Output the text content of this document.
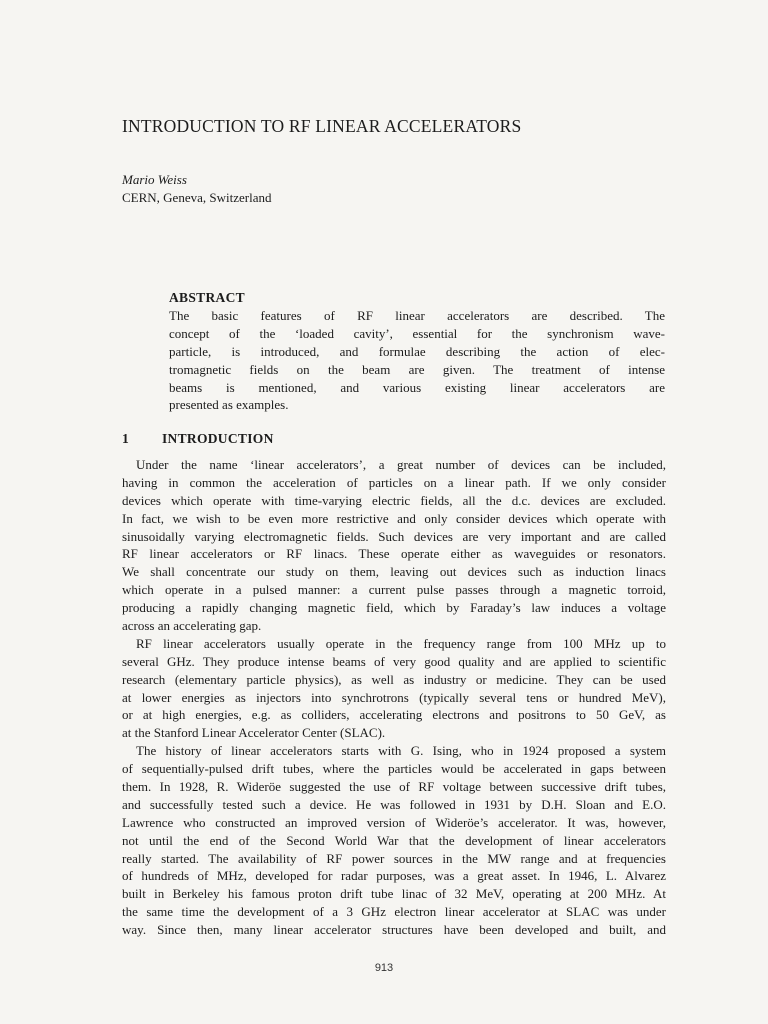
INTRODUCTION TO RF LINEAR ACCELERATORS
Mario Weiss
CERN, Geneva, Switzerland
ABSTRACT
The basic features of RF linear accelerators are described. The
concept of the ‘loaded cavity’, essential for the synchronism wave-
particle, is introduced, and formulae describing the action of elec-
tromagnetic fields on the beam are given. The treatment of intense
beams is mentioned, and various existing linear accelerators are
presented as examples.
1 INTRODUCTION
Under the name ‘linear accelerators’, a great number of devices can be included,
having in common the acceleration of particles on a linear path. If we only consider
devices which operate with time-varying electric fields, all the d.c. devices are excluded.
In fact, we wish to be even more restrictive and only consider devices which operate with
sinusoidally varying electromagnetic fields. Such devices are very important and are called
RF linear accelerators or RF linacs. These operate either as waveguides or resonators.
We shall concentrate our study on them, leaving out devices such as induction linacs
which operate in a pulsed manner: a current pulse passes through a magnetic torroid,
producing a rapidly changing magnetic field, which by Faraday’s law induces a voltage
across an accelerating gap.
RF linear accelerators usually operate in the frequency range from 100 MHz up to
several GHz. They produce intense beams of very good quality and are applied to scientific
research (elementary particle physics), as well as industry or medicine. They can be used
at lower energies as injectors into synchrotrons (typically several tens or hundred MeV),
or at high energies, e.g. as colliders, accelerating electrons and positrons to 50 GeV, as
at the Stanford Linear Accelerator Center (SLAC).
The history of linear accelerators starts with G. Ising, who in 1924 proposed a system
of sequentially-pulsed drift tubes, where the particles would be accelerated in gaps between
them. In 1928, R. Wideröe suggested the use of RF voltage between successive drift tubes,
and successfully tested such a device. He was followed in 1931 by D.H. Sloan and E.O.
Lawrence who constructed an improved version of Wideröe’s accelerator. It was, however,
not until the end of the Second World War that the development of linear accelerators
really started. The availability of RF power sources in the MW range and at frequencies
of hundreds of MHz, developed for radar purposes, was a great asset. In 1946, L. Alvarez
built in Berkeley his famous proton drift tube linac of 32 MeV, operating at 200 MHz. At
the same time the development of a 3 GHz electron linear accelerator at SLAC was under
way. Since then, many linear accelerator structures have been developed and built, and
913
